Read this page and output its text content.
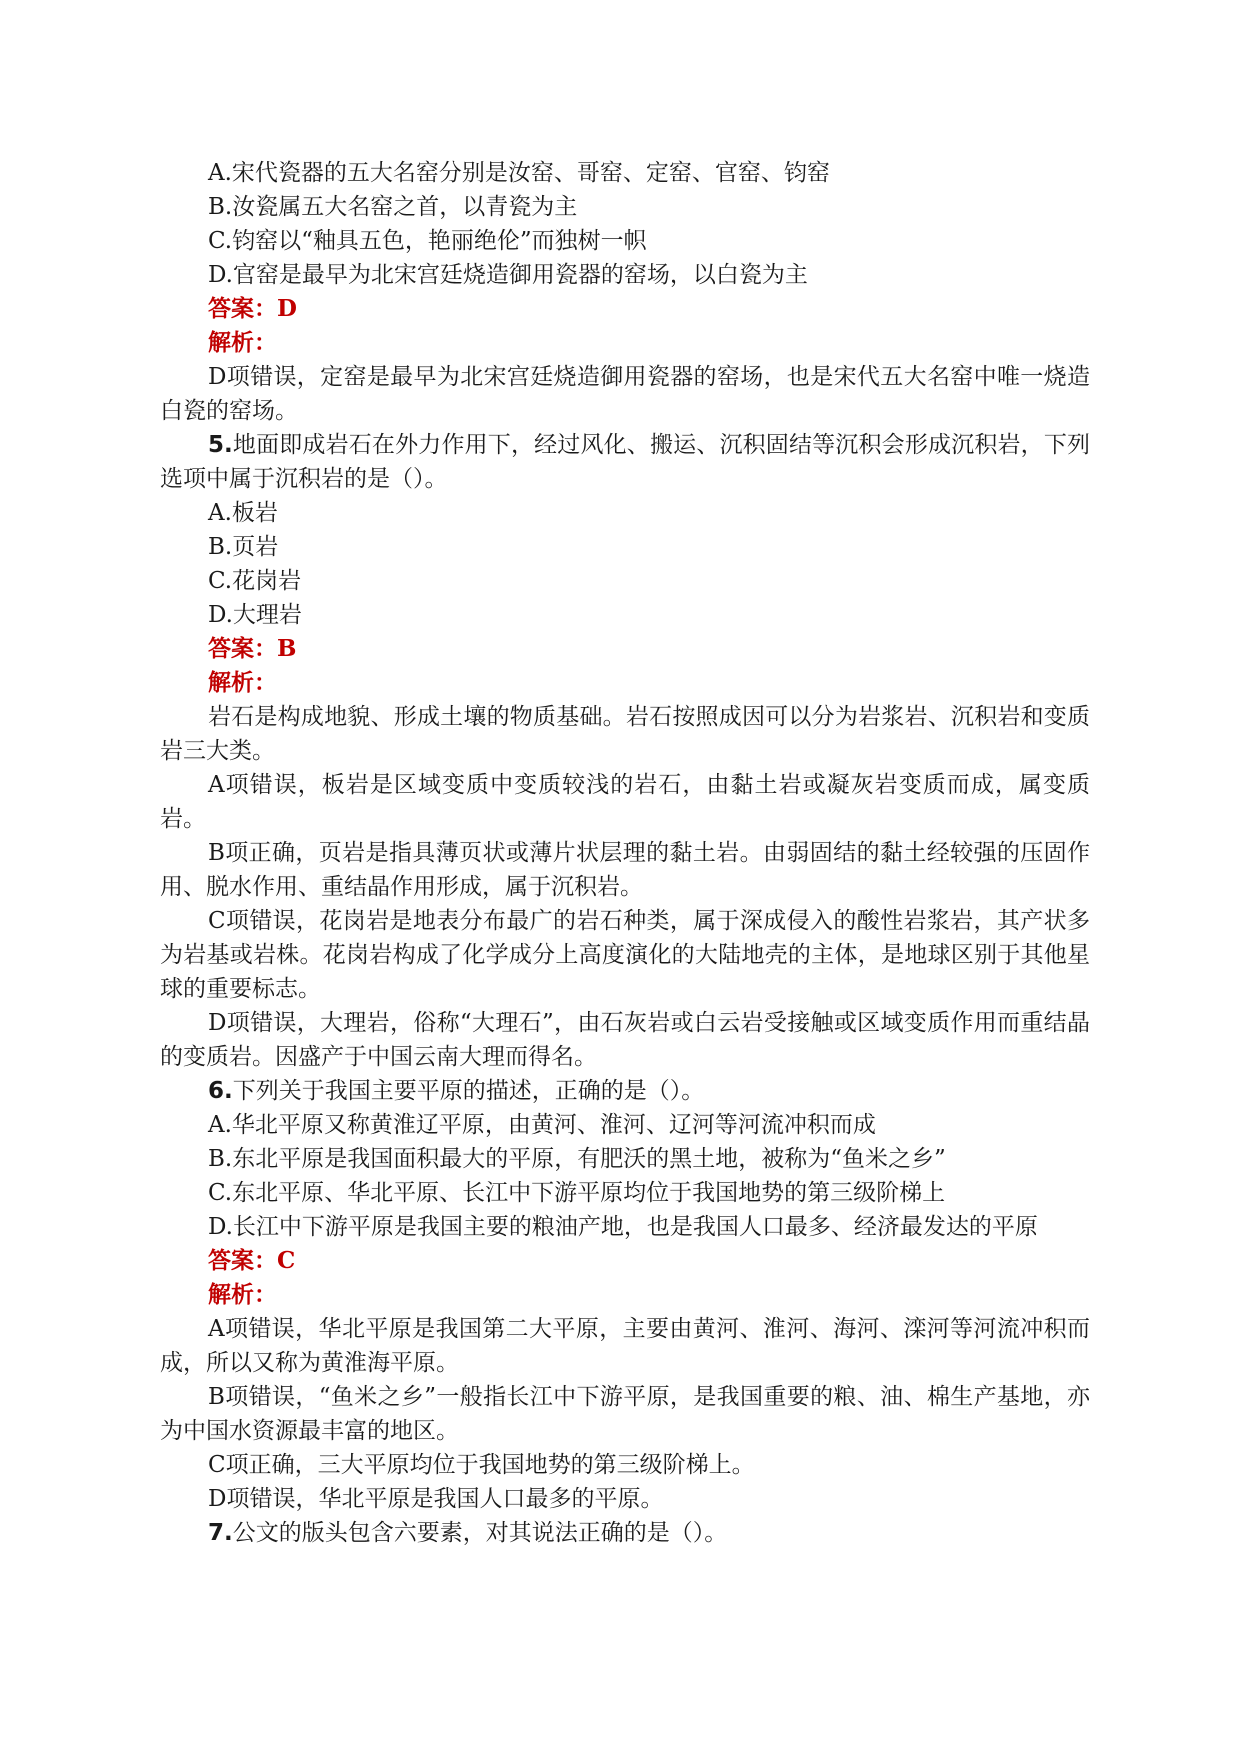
A.宋代瓷器的五大名窑分别是汝窑、哥窑、定窑、官窑、钧窑

B.汝瓷属五大名窑之首，以青瓷为主

C.钧窑以“釉具五色，艳丽绝伦”而独树一帜

D.官窑是最早为北宋宫廷烧造御用瓷器的窑场，以白瓷为主

答案：D

解析：

D项错误，定窑是最早为北宋宫廷烧造御用瓷器的窑场，也是宋代五大名窑中唯一烧造白瓷的窑场。

5.地面即成岩石在外力作用下，经过风化、搬运、沉积固结等沉积会形成沉积岩，下列选项中属于沉积岩的是（）。

A.板岩

B.页岩

C.花岗岩

D.大理岩

答案：B

解析：

岩石是构成地貌、形成土壤的物质基础。岩石按照成因可以分为岩浆岩、沉积岩和变质岩三大类。

A项错误，板岩是区域变质中变质较浅的岩石，由黏土岩或凝灰岩变质而成，属变质岩。

B项正确，页岩是指具薄页状或薄片状层理的黏土岩。由弱固结的黏土经较强的压固作用、脱水作用、重结晶作用形成，属于沉积岩。

C项错误，花岗岩是地表分布最广的岩石种类，属于深成侵入的酸性岩浆岩，其产状多为岩基或岩株。花岗岩构成了化学成分上高度演化的大陆地壳的主体，是地球区别于其他星球的重要标志。

D项错误，大理岩，俗称“大理石”，由石灰岩或白云岩受接触或区域变质作用而重结晶的变质岩。因盛产于中国云南大理而得名。

6.下列关于我国主要平原的描述，正确的是（）。

A.华北平原又称黄淮辽平原，由黄河、淮河、辽河等河流冲积而成

B.东北平原是我国面积最大的平原，有肥沃的黑土地，被称为“鱼米之乡”

C.东北平原、华北平原、长江中下游平原均位于我国地势的第三级阶梯上

D.长江中下游平原是我国主要的粮油产地，也是我国人口最多、经济最发达的平原

答案：C

解析：

A项错误，华北平原是我国第二大平原，主要由黄河、淮河、海河、滦河等河流冲积而成，所以又称为黄淮海平原。

B项错误，“鱼米之乡”一般指长江中下游平原，是我国重要的粮、油、棉生产基地，亦为中国水资源最丰富的地区。

C项正确，三大平原均位于我国地势的第三级阶梯上。

D项错误，华北平原是我国人口最多的平原。

7.公文的版头包含六要素，对其说法正确的是（）。
